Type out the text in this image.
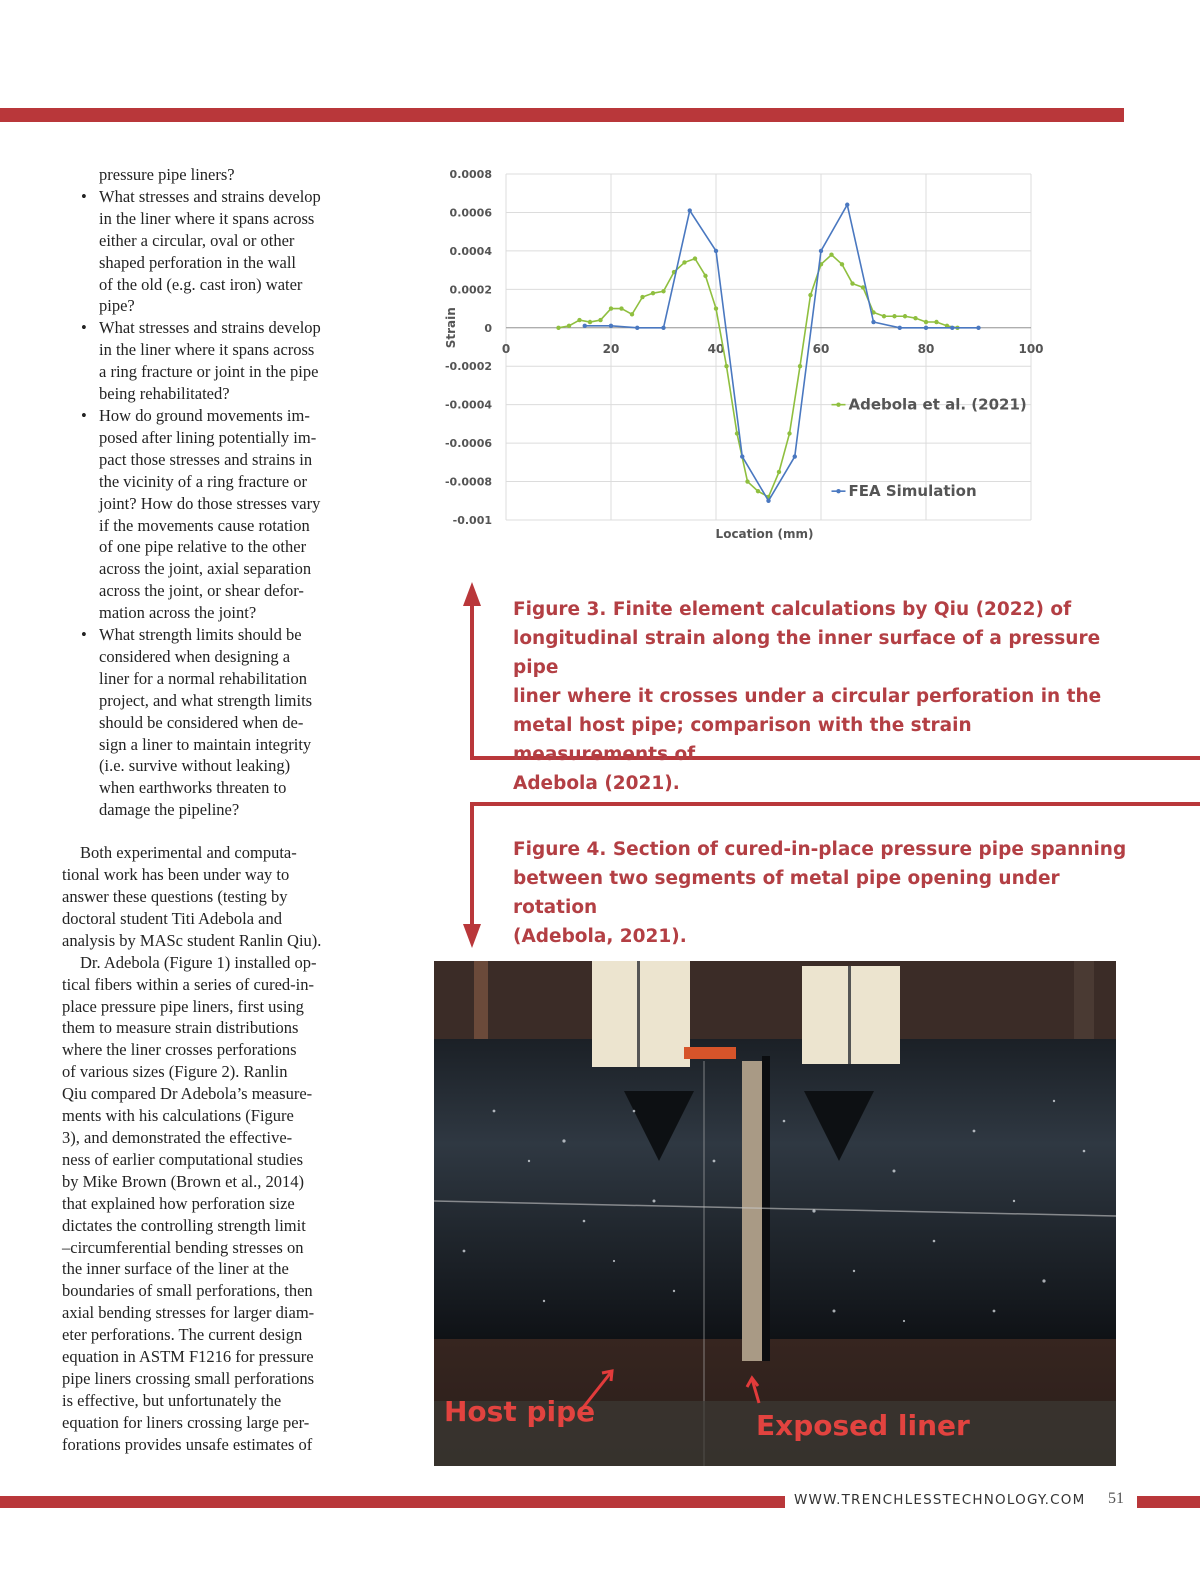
pressure pipe liners?
• What stresses and strains develop
in the liner where it spans across
either a circular, oval or other
shaped perforation in the wall
of the old (e.g. cast iron) water
pipe?
• What stresses and strains develop
in the liner where it spans across
a ring fracture or joint in the pipe
being rehabilitated?
• How do ground movements im-
posed after lining potentially im-
pact those stresses and strains in
the vicinity of a ring fracture or
joint? How do those stresses vary
if the movements cause rotation
of one pipe relative to the other
across the joint, axial separation
across the joint, or shear defor-
mation across the joint?
• What strength limits should be
considered when designing a
liner for a normal rehabilitation
project, and what strength limits
should be considered when de-
sign a liner to maintain integrity
(i.e. survive without leaking)
when earthworks threaten to
damage the pipeline?
Both experimental and computa-
tional work has been under way to
answer these questions (testing by
doctoral student Titi Adebola and
analysis by MASc student Ranlin Qiu).
Dr. Adebola (Figure 1) installed op-
tical fibers within a series of cured-in-
place pressure pipe liners, first using
them to measure strain distributions
where the liner crosses perforations
of various sizes (Figure 2). Ranlin
Qiu compared Dr Adebola’s measure-
ments with his calculations (Figure
3), and demonstrated the effective-
ness of earlier computational studies
by Mike Brown (Brown et al., 2014)
that explained how perforation size
dictates the controlling strength limit
–circumferential bending stresses on
the inner surface of the liner at the
boundaries of small perforations, then
axial bending stresses for larger diam-
eter perforations. The current design
equation in ASTM F1216 for pressure
pipe liners crossing small perforations
is effective, but unfortunately the
equation for liners crossing large per-
forations provides unsafe estimates of
0.0008
0.0006
0.0004
0.0002
0
-0.0002
-0.0004
-0.0006
-0.0008
-0.001
0	20	40	60	80	100
Strain
Location (mm)
Adebola et al. (2021)
FEA Simulation
Figure 3. Finite element calculations by Qiu (2022) of
longitudinal strain along the inner surface of a pressure pipe
liner where it crosses under a circular perforation in the
metal host pipe; comparison with the strain measurements of
Adebola (2021).
Figure 4. Section of cured-in-place pressure pipe spanning
between two segments of metal pipe opening under rotation
(Adebola, 2021).
Host pipe	Exposed liner
WWW.TRENCHLESSTECHNOLOGY.COM 51
